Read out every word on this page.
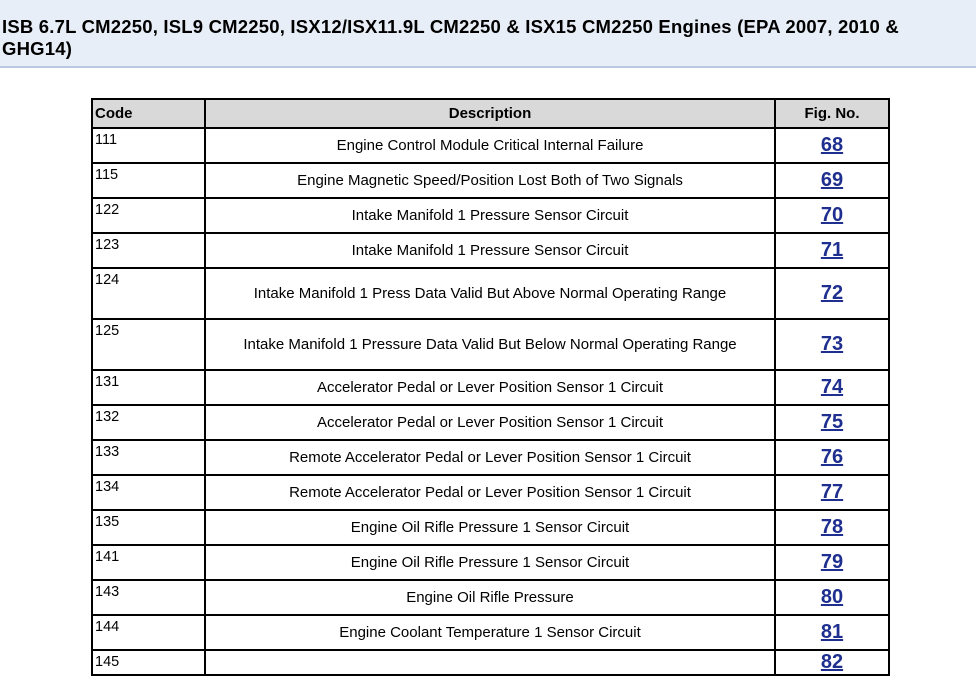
ISB 6.7L CM2250, ISL9 CM2250, ISX12/ISX11.9L CM2250 & ISX15 CM2250 Engines (EPA 2007, 2010 & GHG14)
Code	Description	Fig. No.
111	Engine Control Module Critical Internal Failure	68
115	Engine Magnetic Speed/Position Lost Both of Two Signals	69
122	Intake Manifold 1 Pressure Sensor Circuit	70
123	Intake Manifold 1 Pressure Sensor Circuit	71
124	Intake Manifold 1 Press Data Valid But Above Normal Operating Range	72
125	Intake Manifold 1 Pressure Data Valid But Below Normal Operating Range	73
131	Accelerator Pedal or Lever Position Sensor 1 Circuit	74
132	Accelerator Pedal or Lever Position Sensor 1 Circuit	75
133	Remote Accelerator Pedal or Lever Position Sensor 1 Circuit	76
134	Remote Accelerator Pedal or Lever Position Sensor 1 Circuit	77
135	Engine Oil Rifle Pressure 1 Sensor Circuit	78
141	Engine Oil Rifle Pressure 1 Sensor Circuit	79
143	Engine Oil Rifle Pressure	80
144	Engine Coolant Temperature 1 Sensor Circuit	81
145		82
